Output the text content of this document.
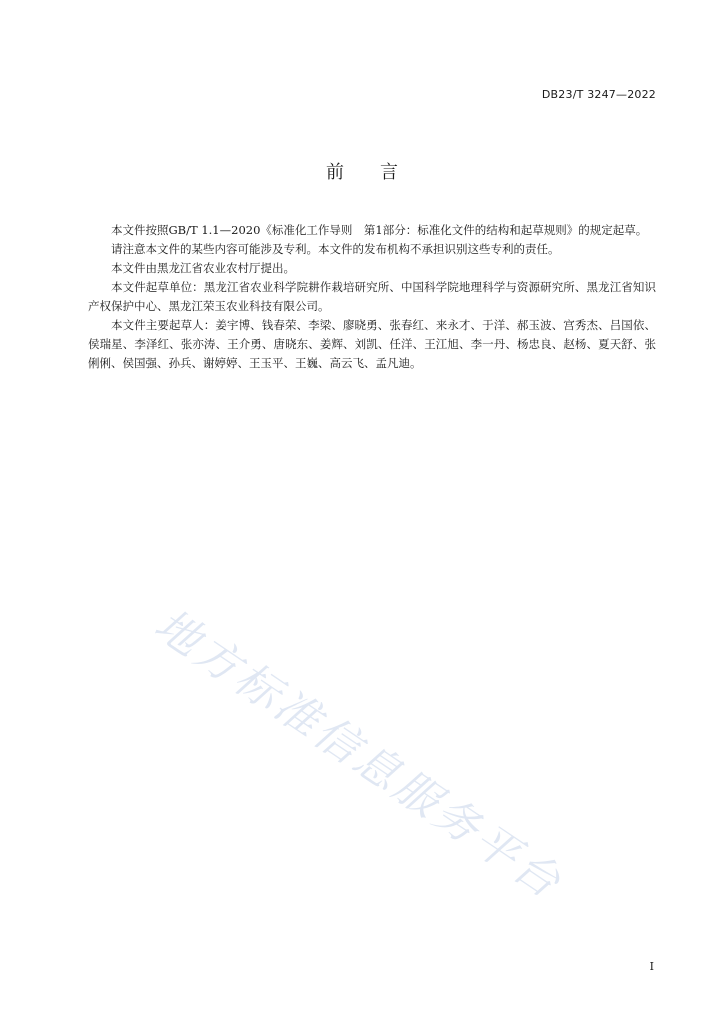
DB23/T 3247—2022
前 言

本文件按照GB/T 1.1—2020《标准化工作导则　第1部分：标准化文件的结构和起草规则》的规定起草。

请注意本文件的某些内容可能涉及专利。本文件的发布机构不承担识别这些专利的责任。

本文件由黑龙江省农业农村厅提出。

本文件起草单位：黑龙江省农业科学院耕作栽培研究所、中国科学院地理科学与资源研究所、黑龙江省知识产权保护中心、黑龙江荣玉农业科技有限公司。

本文件主要起草人：姜宇博、钱春荣、李梁、廖晓勇、张春红、来永才、于洋、郝玉波、宫秀杰、吕国依、侯瑞星、李泽红、张亦涛、王介勇、唐晓东、姜辉、刘凯、任洋、王江旭、李一丹、杨忠良、赵杨、夏天舒、张俐俐、侯国强、孙兵、谢婷婷、王玉平、王巍、高云飞、孟凡迪。

地方标准信息服务平台
I
